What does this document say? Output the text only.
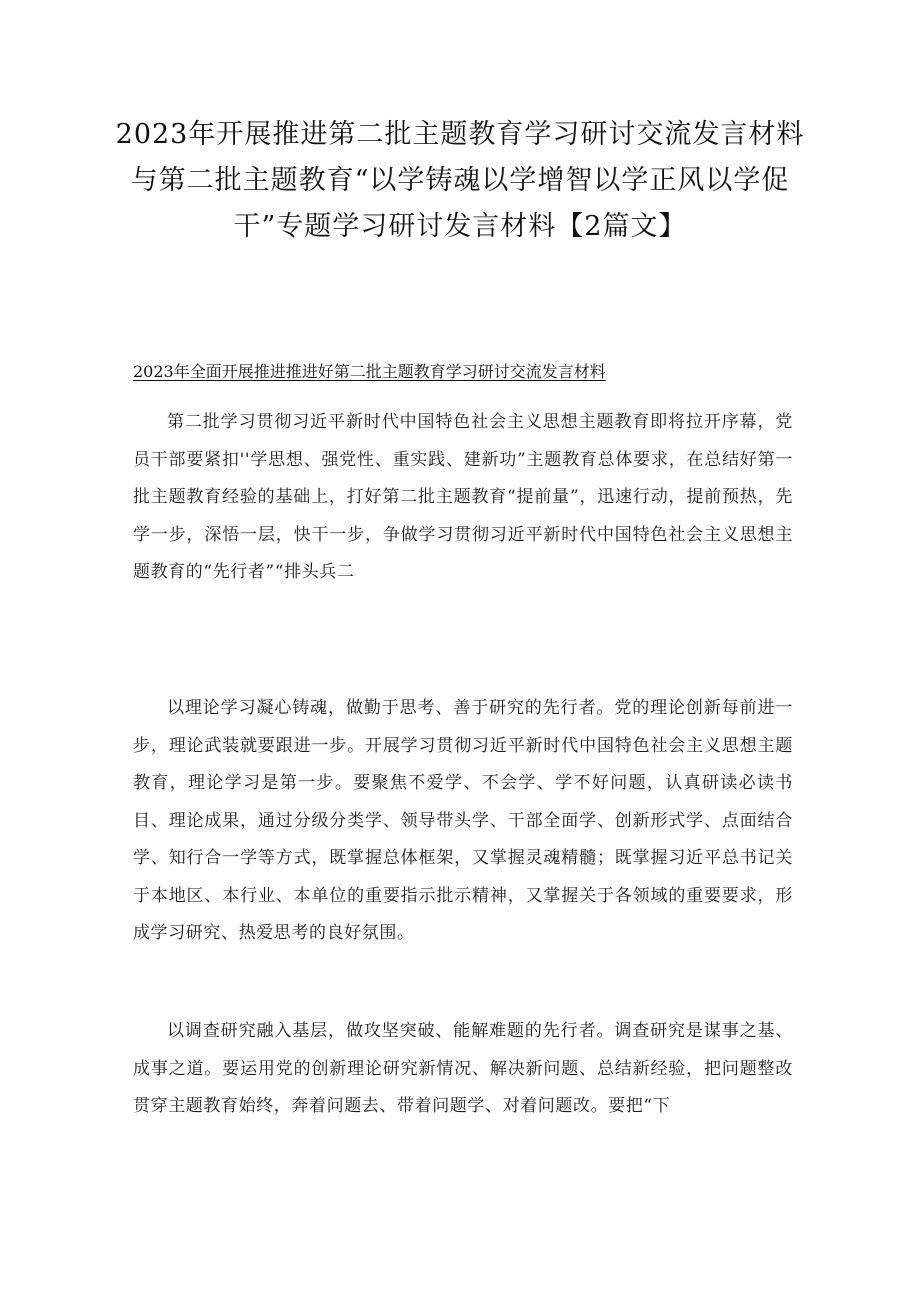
2023年开展推进第二批主题教育学习研讨交流发言材料与第二批主题教育“以学铸魂以学增智以学正风以学促干”专题学习研讨发言材料【2篇文】
2023年全面开展推进推进好第二批主题教育学习研讨交流发言材料

第二批学习贯彻习近平新时代中国特色社会主义思想主题教育即将拉开序幕，党员干部要紧扣''学思想、强党性、重实践、建新功”主题教育总体要求，在总结好第一批主题教育经验的基础上，打好第二批主题教育“提前量”，迅速行动，提前预热，先学一步，深悟一层，快干一步，争做学习贯彻习近平新时代中国特色社会主义思想主题教育的“先行者”“排头兵二

以理论学习凝心铸魂，做勤于思考、善于研究的先行者。党的理论创新每前进一步，理论武装就要跟进一步。开展学习贯彻习近平新时代中国特色社会主义思想主题教育，理论学习是第一步。要聚焦不爱学、不会学、学不好问题，认真研读必读书目、理论成果，通过分级分类学、领导带头学、干部全面学、创新形式学、点面结合学、知行合一学等方式，既掌握总体框架，又掌握灵魂精髓；既掌握习近平总书记关于本地区、本行业、本单位的重要指示批示精神，又掌握关于各领域的重要要求，形成学习研究、热爱思考的良好氛围。

以调查研究融入基层，做攻坚突破、能解难题的先行者。调查研究是谋事之基、成事之道。要运用党的创新理论研究新情况、解决新问题、总结新经验，把问题整改贯穿主题教育始终，奔着问题去、带着问题学、对着问题改。要把“下
